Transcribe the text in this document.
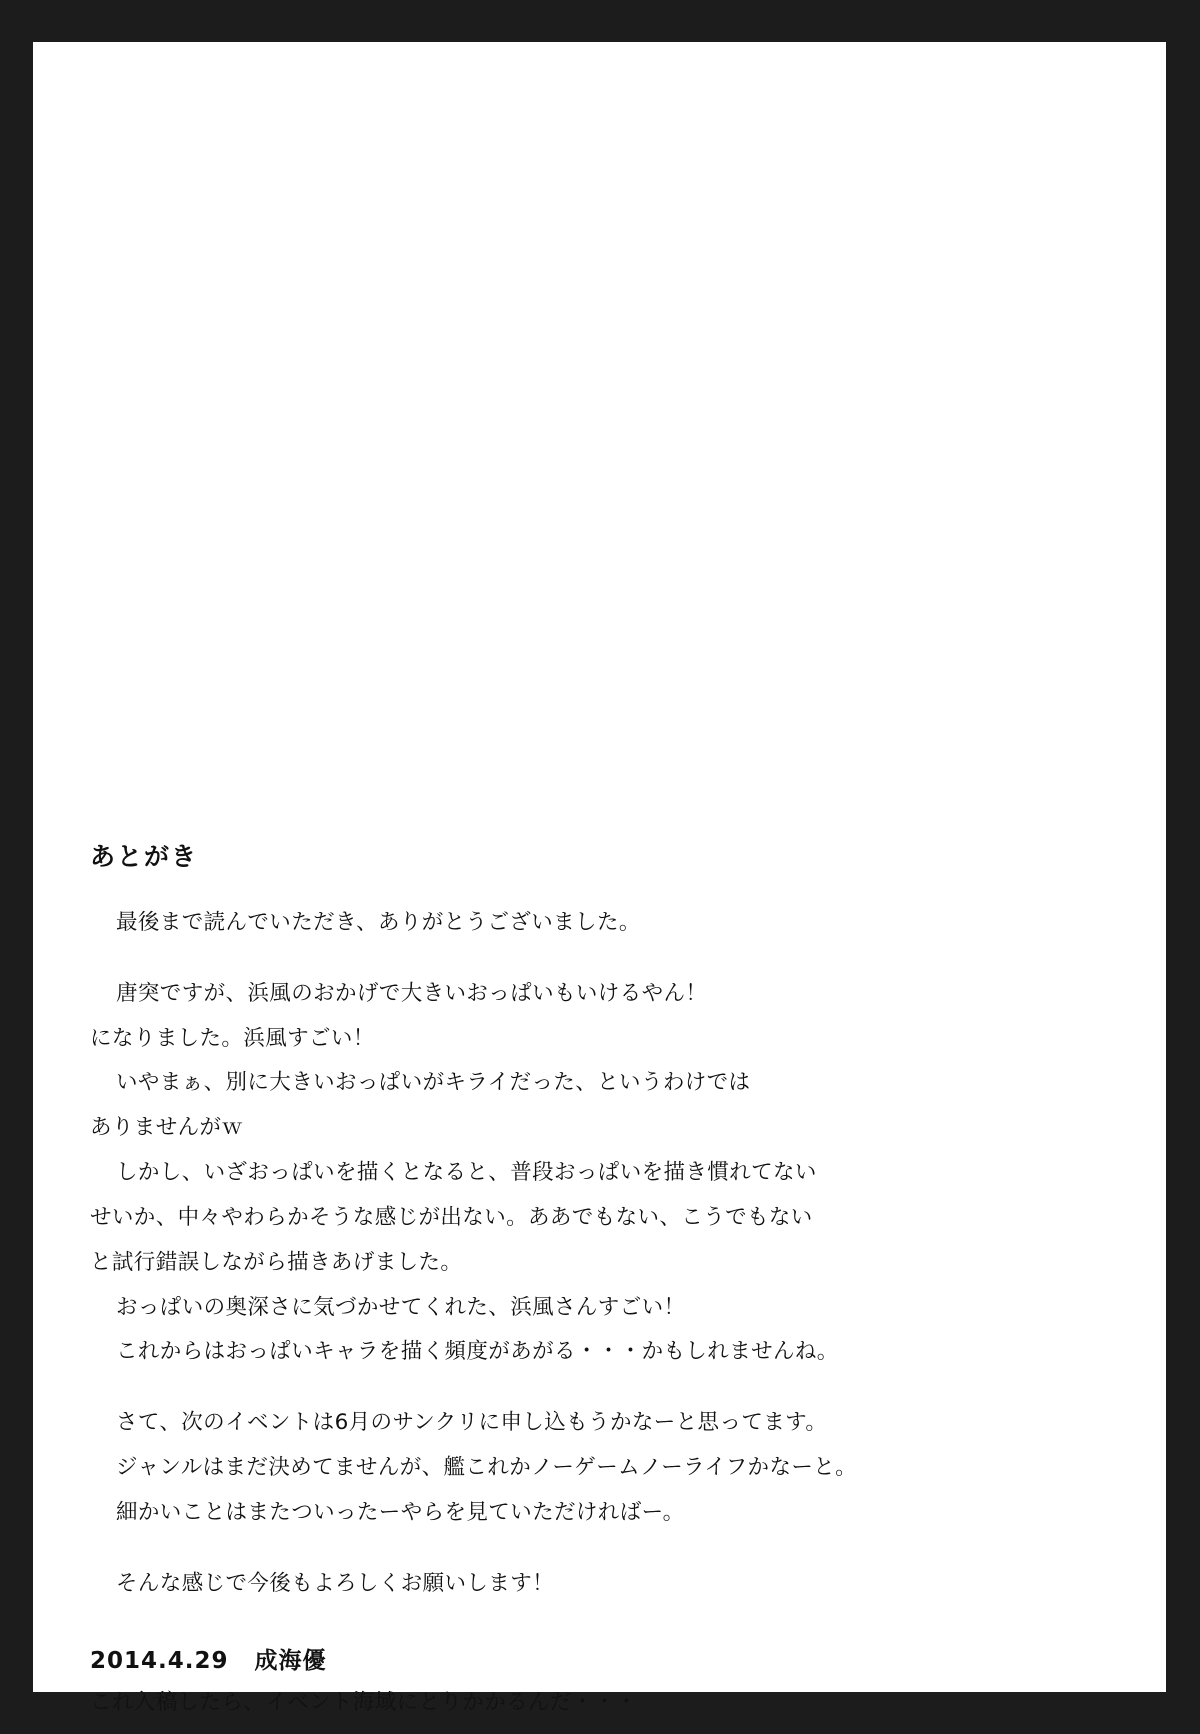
あとがき

最後まで読んでいただき、ありがとうございました。

唐突ですが、浜風のおかげで大きいおっぱいもいけるやん！

になりました。浜風すごい！

いやまぁ、別に大きいおっぱいがキライだった、というわけでは

ありませんがｗ

しかし、いざおっぱいを描くとなると、普段おっぱいを描き慣れてない

せいか、中々やわらかそうな感じが出ない。ああでもない、こうでもない

と試行錯誤しながら描きあげました。

おっぱいの奥深さに気づかせてくれた、浜風さんすごい！

これからはおっぱいキャラを描く頻度があがる・・・かもしれませんね。

さて、次のイベントは6月のサンクリに申し込もうかなーと思ってます。

ジャンルはまだ決めてませんが、艦これかノーゲームノーライフかなーと。

細かいことはまたついったーやらを見ていただければー。

そんな感じで今後もよろしくお願いします！

2014.4.29 成海優
これ入稿したら、イベント海域にとりかかるんだ・・・
